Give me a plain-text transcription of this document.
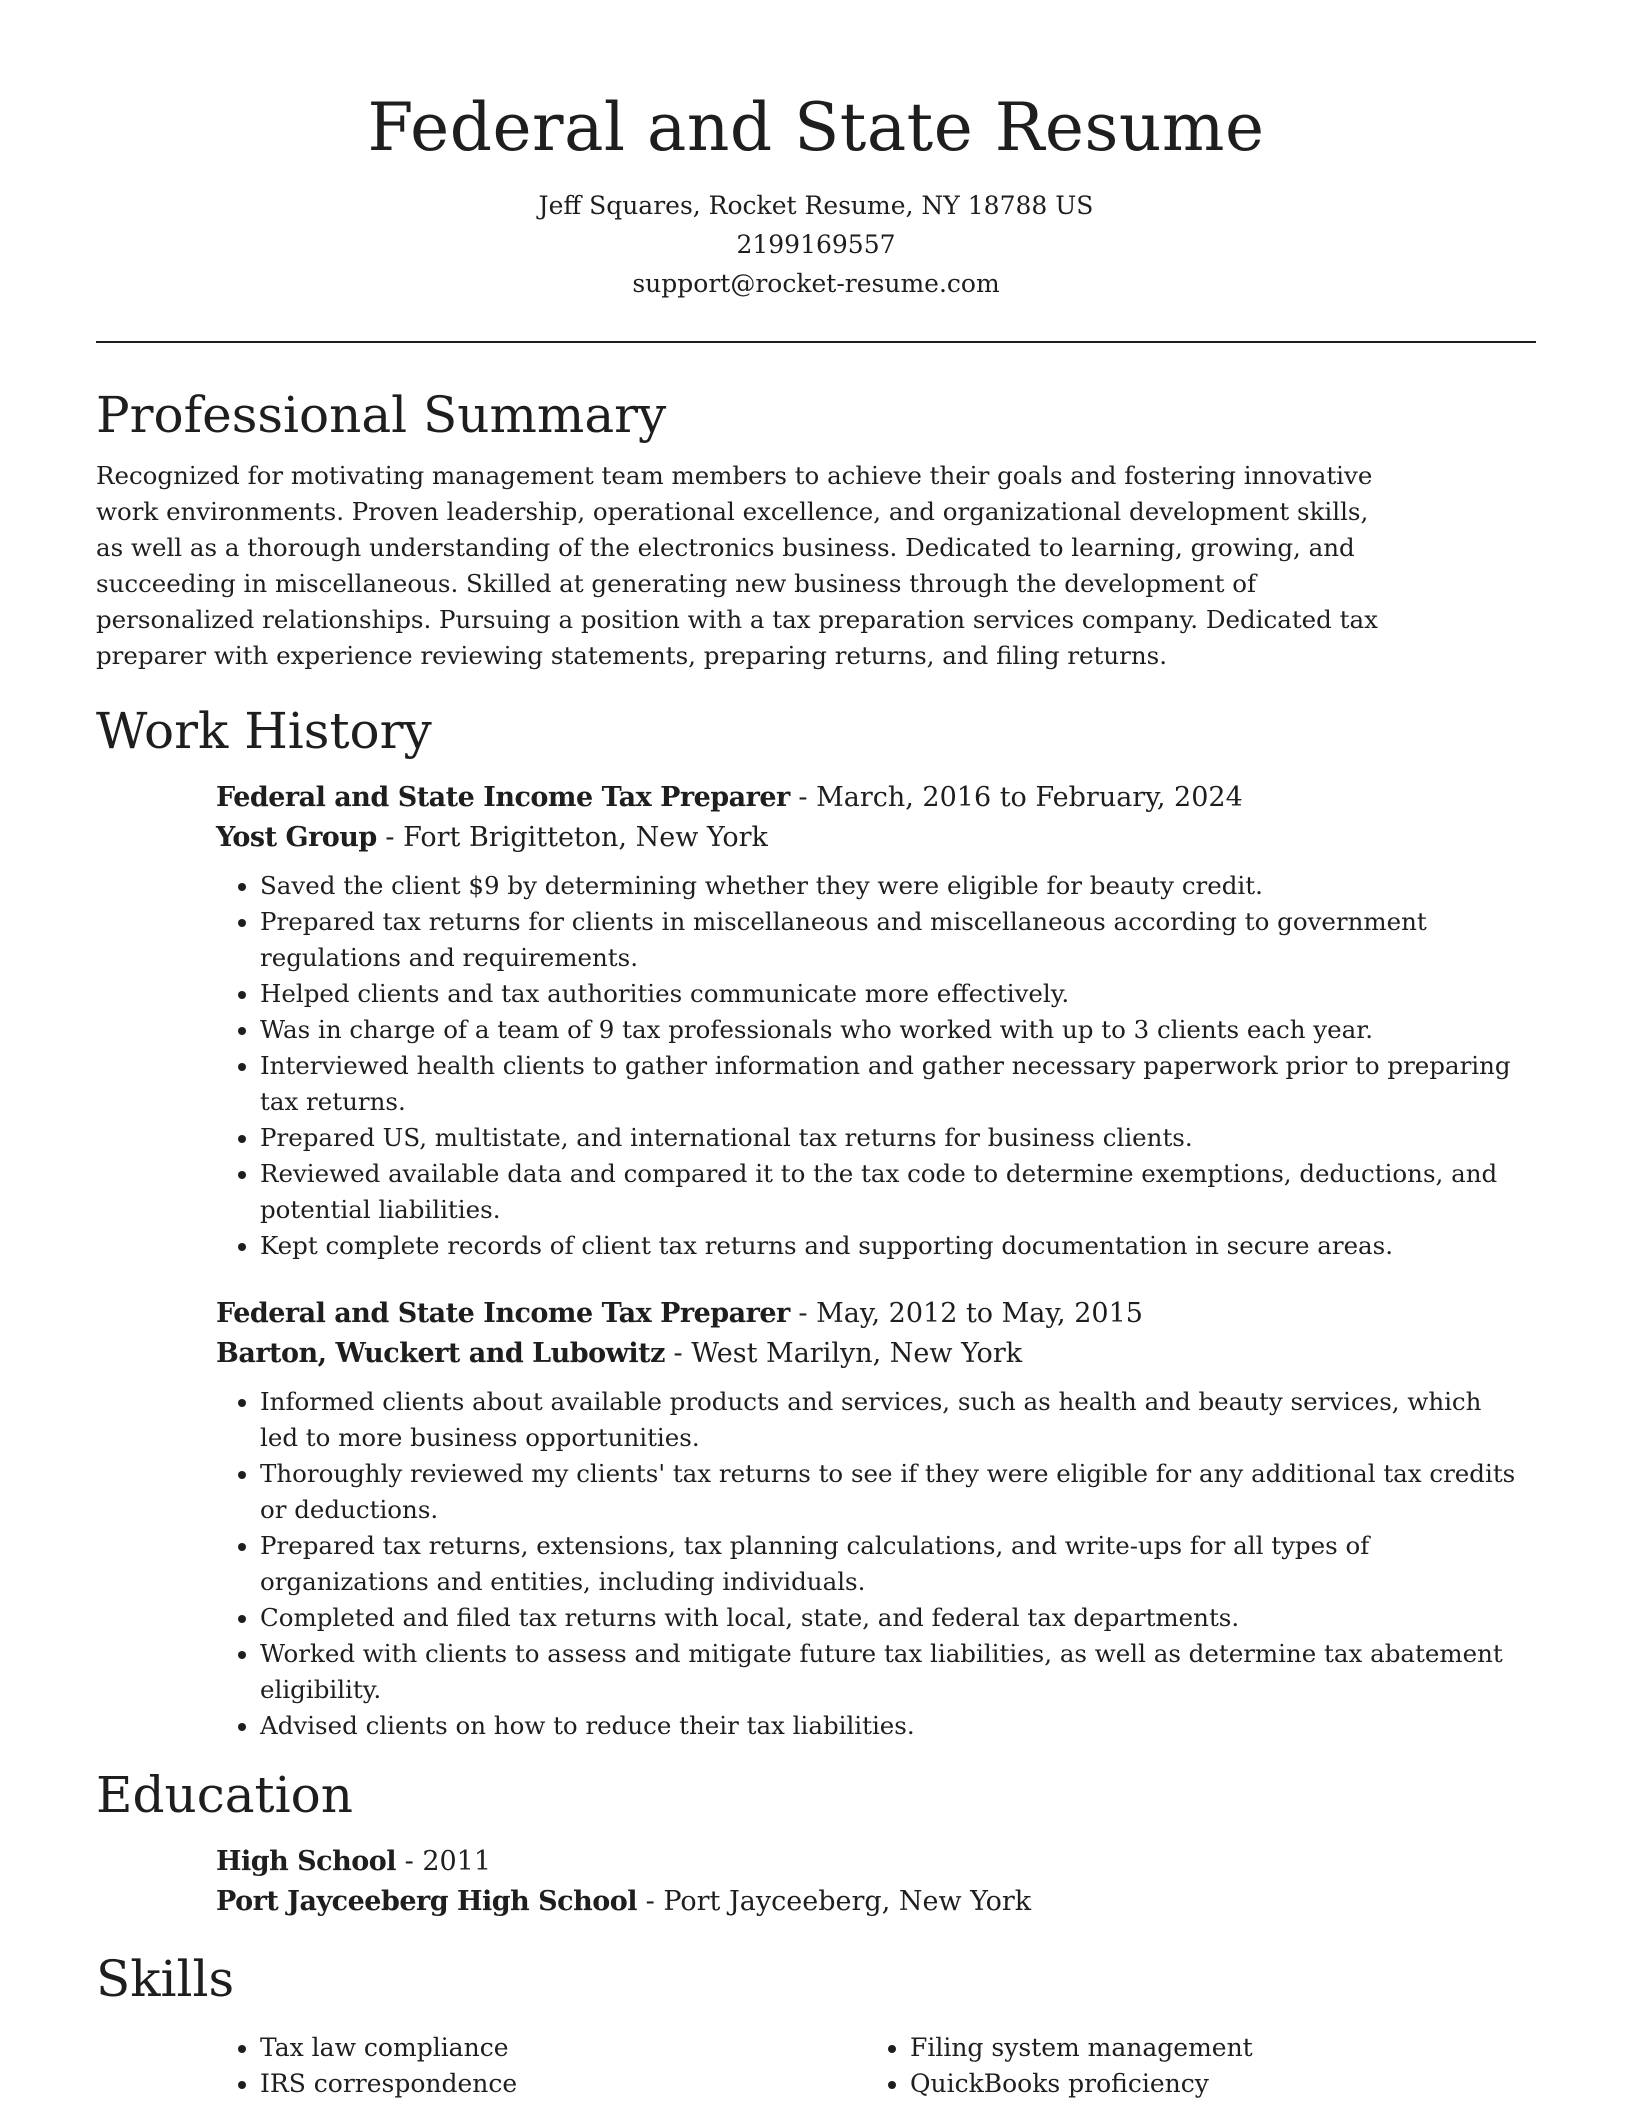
Federal and State Resume
Jeff Squares, Rocket Resume, NY 18788 US
2199169557
support@rocket-resume.com
Professional Summary

Recognized for motivating management team members to achieve their goals and fostering innovative work environments. Proven leadership, operational excellence, and organizational development skills, as well as a thorough understanding of the electronics business. Dedicated to learning, growing, and succeeding in miscellaneous. Skilled at generating new business through the development of personalized relationships. Pursuing a position with a tax preparation services company. Dedicated tax preparer with experience reviewing statements, preparing returns, and filing returns.

Work History
Federal and State Income Tax Preparer - March, 2016 to February, 2024
Yost Group - Fort Brigitteton, New York
• Saved the client $9 by determining whether they were eligible for beauty credit.
• Prepared tax returns for clients in miscellaneous and miscellaneous according to government regulations and requirements.
• Helped clients and tax authorities communicate more effectively.
• Was in charge of a team of 9 tax professionals who worked with up to 3 clients each year.
• Interviewed health clients to gather information and gather necessary paperwork prior to preparing tax returns.
• Prepared US, multistate, and international tax returns for business clients.
• Reviewed available data and compared it to the tax code to determine exemptions, deductions, and potential liabilities.
• Kept complete records of client tax returns and supporting documentation in secure areas.
Federal and State Income Tax Preparer - May, 2012 to May, 2015
Barton, Wuckert and Lubowitz - West Marilyn, New York
• Informed clients about available products and services, such as health and beauty services, which led to more business opportunities.
• Thoroughly reviewed my clients' tax returns to see if they were eligible for any additional tax credits or deductions.
• Prepared tax returns, extensions, tax planning calculations, and write-ups for all types of organizations and entities, including individuals.
• Completed and filed tax returns with local, state, and federal tax departments.
• Worked with clients to assess and mitigate future tax liabilities, as well as determine tax abatement eligibility.
• Advised clients on how to reduce their tax liabilities.
Education
High School - 2011
Port Jayceeberg High School - Port Jayceeberg, New York
Skills
• Tax law compliance
• IRS correspondence
• Filing system management
• QuickBooks proficiency
